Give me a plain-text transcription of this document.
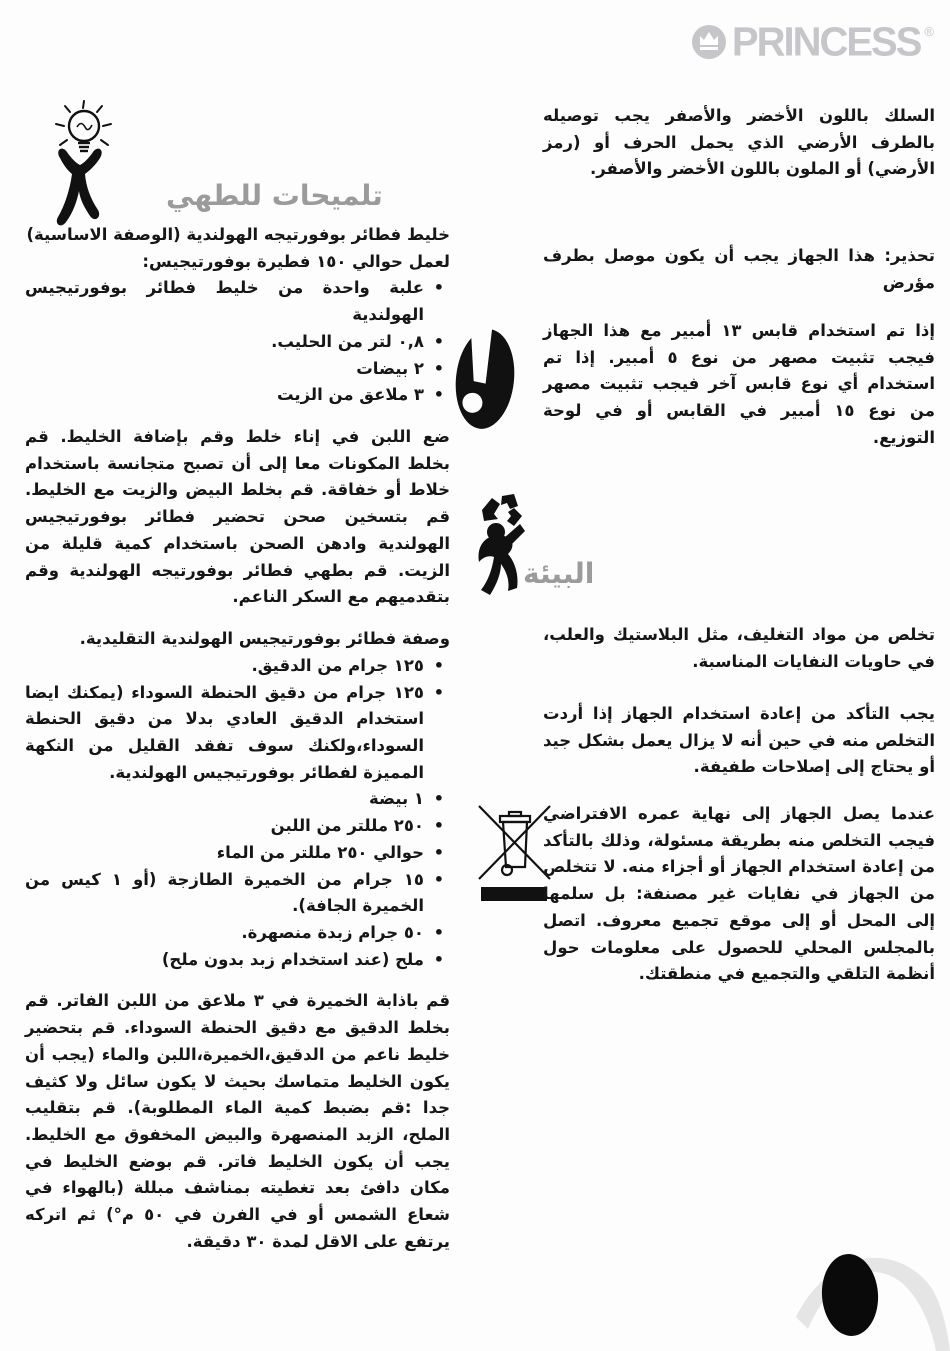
PRINCESS ®
تلميحات للطهي

خليط فطائر بوفورتيجه الهولندية (الوصفة الاساسية)

لعمل حوالي ١٥٠ فطيرة بوفورتيجيس:

• علبة واحدة من خليط فطائر بوفورتيجيس الهولندية
• ٠,٨ لتر من الحليب.
• ٢ بيضات
• ٣ ملاعق من الزيت

ضع اللبن في إناء خلط وقم بإضافة الخليط. قم بخلط المكونات معا إلى أن تصبح متجانسة باستخدام خلاط أو خفاقة. قم بخلط البيض والزيت مع الخليط. قم بتسخين صحن تحضير فطائر بوفورتيجيس الهولندية وادهن الصحن باستخدام كمية قليلة من الزيت. قم بطهي فطائر بوفورتيجه الهولندية وقم بتقدميهم مع السكر الناعم.

وصفة فطائر بوفورتيجيس الهولندية التقليدية.

• ١٢٥ جرام من الدقيق.
• ١٢٥ جرام من دقيق الحنطة السوداء (يمكنك ايضا استخدام الدقيق العادي بدلا من دقيق الحنطة السوداء،ولكنك سوف تفقد القليل من النكهة المميزة لفطائر بوفورتيجيس الهولندية.
• ١ بيضة
• ٢٥٠ مللتر من اللبن
• حوالي ٢٥٠ مللتر من الماء
• ١٥ جرام من الخميرة الطازجة (أو ١ كيس من الخميرة الجافة).
• ٥٠ جرام زبدة منصهرة.
• ملح (عند استخدام زبد بدون ملح)

قم باذابة الخميرة في ٣ ملاعق من اللبن الفاتر. قم بخلط الدقيق مع دقيق الحنطة السوداء. قم بتحضير خليط ناعم من الدقيق،الخميرة،اللبن والماء (يجب أن يكون الخليط متماسك بحيث لا يكون سائل ولا كثيف جدا :قم بضبط كمية الماء المطلوبة). قم بتقليب الملح، الزبد المنصهرة والبيض المخفوق مع الخليط. يجب أن يكون الخليط فاتر. قم بوضع الخليط في مكان دافئ بعد تغطيته بمناشف مبللة (بالهواء في شعاع الشمس أو في الفرن في ٥٠ م°) ثم اتركه يرتفع على الاقل لمدة ٣٠ دقيقة.

السلك باللون الأخضر والأصفر يجب توصيله بالطرف الأرضي الذي يحمل الحرف أو (رمز الأرضي) أو الملون باللون الأخضر والأصفر.
تحذير: هذا الجهاز يجب أن يكون موصل بطرف مؤرض
إذا تم استخدام قابس ١٣ أمبير مع هذا الجهاز فيجب تثبيت مصهر من نوع ٥ أمبير. إذا تم استخدام أي نوع قابس آخر فيجب تثبيت مصهر من نوع ١٥ أمبير في القابس أو في لوحة التوزيع.
البيئة
تخلص من مواد التغليف، مثل البلاستيك والعلب، في حاويات النفايات المناسبة.
يجب التأكد من إعادة استخدام الجهاز إذا أردت التخلص منه في حين أنه لا يزال يعمل بشكل جيد أو يحتاج إلى إصلاحات طفيفة.
عندما يصل الجهاز إلى نهاية عمره الافتراضي فيجب التخلص منه بطريقة مسئولة، وذلك بالتأكد من إعادة استخدام الجهاز أو أجزاء منه. لا تتخلص من الجهاز في نفايات غير مصنفة: بل سلمها إلى المحل أو إلى موقع تجميع معروف. اتصل بالمجلس المحلي للحصول على معلومات حول أنظمة التلقي والتجميع في منطقتك.
